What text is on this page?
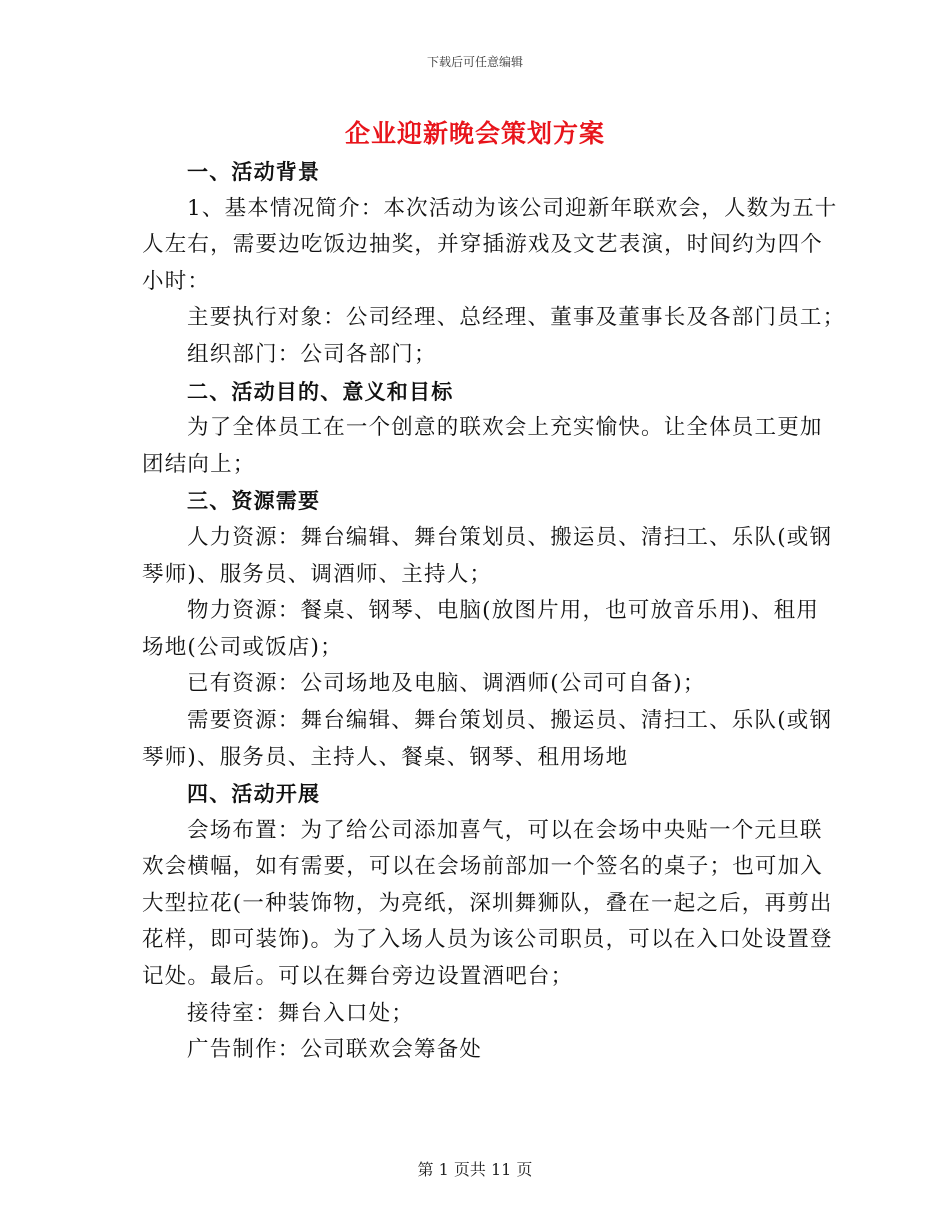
下载后可任意编辑
企业迎新晚会策划方案
一、活动背景
1、基本情况简介：本次活动为该公司迎新年联欢会，人数为五十
人左右，需要边吃饭边抽奖，并穿插游戏及文艺表演，时间约为四个
小时：
主要执行对象：公司经理、总经理、董事及董事长及各部门员工；
组织部门：公司各部门；
二、活动目的、意义和目标
为了全体员工在一个创意的联欢会上充实愉快。让全体员工更加
团结向上；
三、资源需要
人力资源：舞台编辑、舞台策划员、搬运员、清扫工、乐队(或钢
琴师)、服务员、调酒师、主持人；
物力资源：餐桌、钢琴、电脑(放图片用，也可放音乐用)、租用
场地(公司或饭店)；
已有资源：公司场地及电脑、调酒师(公司可自备)；
需要资源：舞台编辑、舞台策划员、搬运员、清扫工、乐队(或钢
琴师)、服务员、主持人、餐桌、钢琴、租用场地
四、活动开展
会场布置：为了给公司添加喜气，可以在会场中央贴一个元旦联
欢会横幅，如有需要，可以在会场前部加一个签名的桌子；也可加入
大型拉花(一种装饰物，为亮纸，深圳舞狮队，叠在一起之后，再剪出
花样，即可装饰)。为了入场人员为该公司职员，可以在入口处设置登
记处。最后。可以在舞台旁边设置酒吧台；
接待室：舞台入口处；
广告制作：公司联欢会筹备处
第 1 页共 11 页
